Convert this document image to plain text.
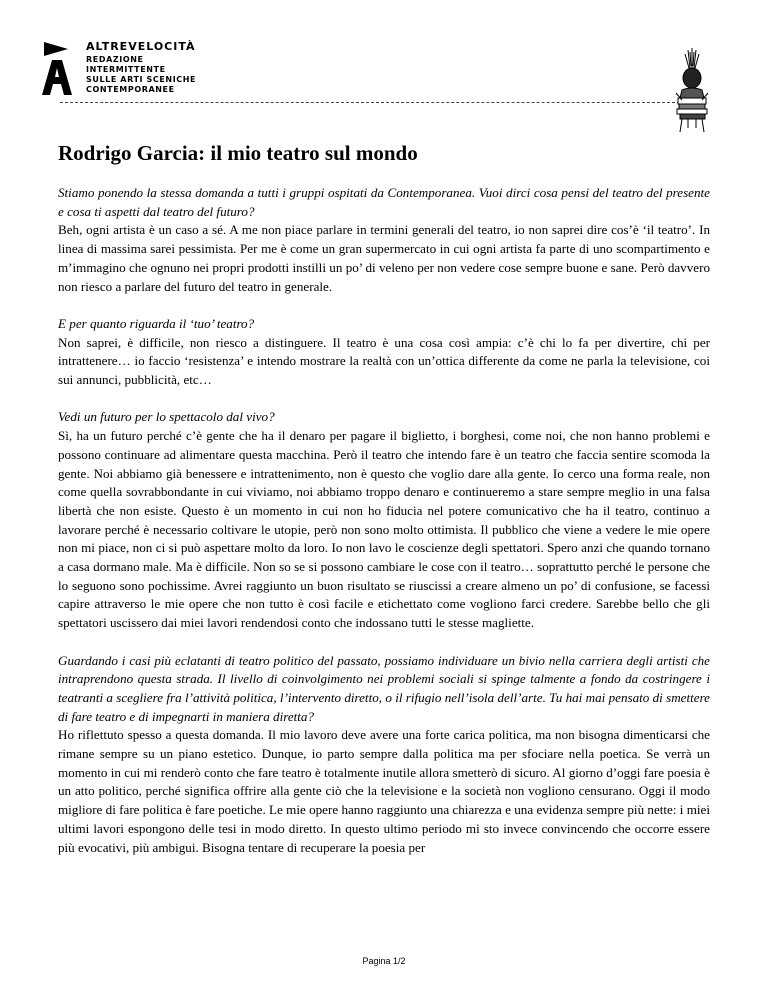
ALTREVELOCITÀ
REDAZIONE
INTERMITTENTE
SULLE ARTI SCENICHE
CONTEMPORANEE
Rodrigo Garcia: il mio teatro sul mondo
Stiamo ponendo la stessa domanda a tutti i gruppi ospitati da Contemporanea. Vuoi dirci cosa pensi del teatro del presente e cosa ti aspetti dal teatro del futuro?
Beh, ogni artista è un caso a sé. A me non piace parlare in termini generali del teatro, io non saprei dire cos’è ‘il teatro’. In linea di massima sarei pessimista. Per me è come un gran supermercato in cui ogni artista fa parte di uno scompartimento e m’immagino che ognuno nei propri prodotti instilli un po’ di veleno per non vedere cose sempre buone e sane. Però davvero non riesco a parlare del futuro del teatro in generale.
E per quanto riguarda il ‘tuo’ teatro?
Non saprei, è difficile, non riesco a distinguere. Il teatro è una cosa così ampia: c’è chi lo fa per divertire, chi per intrattenere… io faccio ‘resistenza’ e intendo mostrare la realtà con un’ottica differente da come ne parla la televisione, coi sui annunci, pubblicità, etc…
Vedi un futuro per lo spettacolo dal vivo?
Sì, ha un futuro perché c’è gente che ha il denaro per pagare il biglietto, i borghesi, come noi, che non hanno problemi e possono continuare ad alimentare questa macchina. Però il teatro che intendo fare è un teatro che faccia sentire scomoda la gente. Noi abbiamo già benessere e intrattenimento, non è questo che voglio dare alla gente. Io cerco una forma reale, non come quella sovrabbondante in cui viviamo, noi abbiamo troppo denaro e continueremo a stare sempre meglio in una falsa libertà che non esiste. Questo è un momento in cui non ho fiducia nel potere comunicativo che ha il teatro, continuo a lavorare perché è necessario coltivare le utopie, però non sono molto ottimista. Il pubblico che viene a vedere le mie opere non mi piace, non ci si può aspettare molto da loro. Io non lavo le coscienze degli spettatori. Spero anzi che quando tornano a casa dormano male. Ma è difficile. Non so se si possono cambiare le cose con il teatro… soprattutto perché le persone che lo seguono sono pochissime. Avrei raggiunto un buon risultato se riuscissi a creare almeno un po’ di confusione, se facessi capire attraverso le mie opere che non tutto è così facile e etichettato come vogliono farci credere. Sarebbe bello che gli spettatori uscissero dai miei lavori rendendosi conto che indossano tutti le stesse magliette.
Guardando i casi più eclatanti di teatro politico del passato, possiamo individuare un bivio nella carriera degli artisti che intraprendono questa strada. Il livello di coinvolgimento nei problemi sociali si spinge talmente a fondo da costringere i teatranti a scegliere fra l’attività politica, l’intervento diretto, o il rifugio nell’isola dell’arte. Tu hai mai pensato di smettere di fare teatro e di impegnarti in maniera diretta?
Ho riflettuto spesso a questa domanda. Il mio lavoro deve avere una forte carica politica, ma non bisogna dimenticarsi che rimane sempre su un piano estetico. Dunque, io parto sempre dalla politica ma per sfociare nella poetica. Se verrà un momento in cui mi renderò conto che fare teatro è totalmente inutile allora smetterò di sicuro. Al giorno d’oggi fare poesia è un atto politico, perché significa offrire alla gente ciò che la televisione e la società non vogliono censurano. Oggi il modo migliore di fare politica è fare poetiche. Le mie opere hanno raggiunto una chiarezza e una evidenza sempre più nette: i miei ultimi lavori espongono delle tesi in modo diretto. In questo ultimo periodo mi sto invece convincendo che occorre essere più evocativi, più ambigui. Bisogna tentare di recuperare la poesia per
Pagina 1/2
